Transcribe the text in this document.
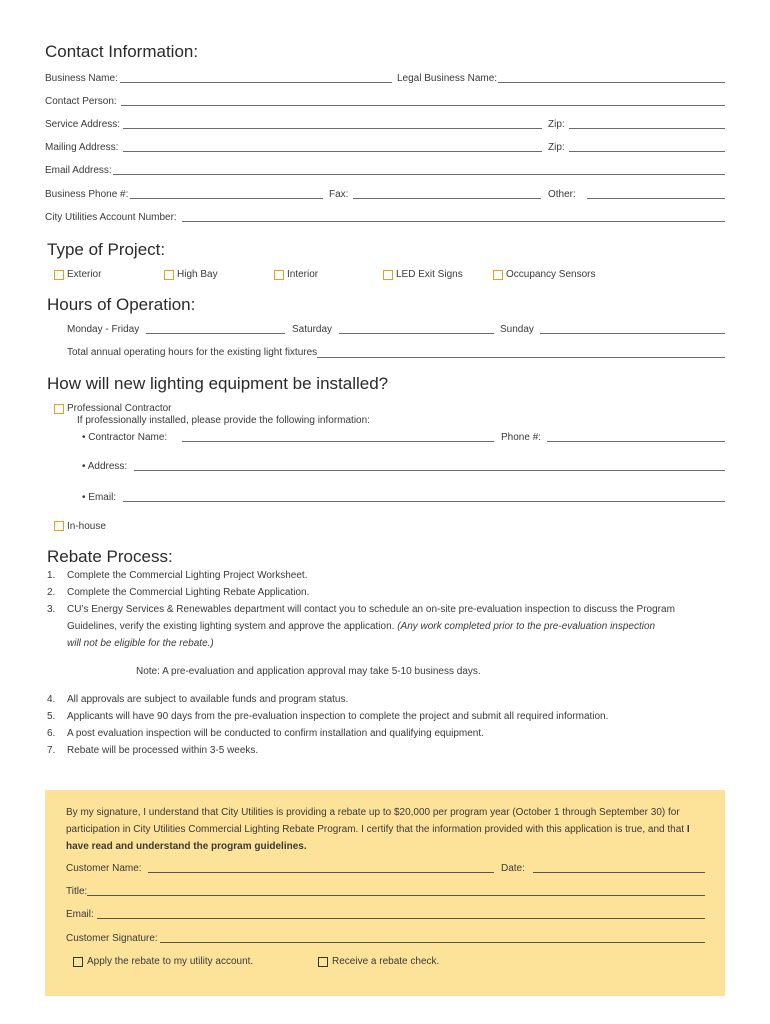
Contact Information:
Business Name:	Legal Business Name:
Contact Person:
Service Address:	Zip:
Mailing Address:	Zip:
Email Address:
Business Phone #:	Fax:	Other:
City Utilities Account Number:
Type of Project:
Exterior	High Bay	Interior	LED Exit Signs	Occupancy Sensors
Hours of Operation:
Monday - Friday	Saturday	Sunday
Total annual operating hours for the existing light fixtures
How will new lighting equipment be installed?
Professional Contractor
If professionally installed, please provide the following information:
• Contractor Name:	Phone #:
• Address:
• Email:
In-house
Rebate Process:
1. Complete the Commercial Lighting Project Worksheet.
2. Complete the Commercial Lighting Rebate Application.
3. CU’s Energy Services & Renewables department will contact you to schedule an on-site pre-evaluation inspection to discuss the Program
Guidelines, verify the existing lighting system and approve the application. (Any work completed prior to the pre-evaluation inspection
will not be eligible for the rebate.)
Note: A pre-evaluation and application approval may take 5-10 business days.
4. All approvals are subject to available funds and program status.
5. Applicants will have 90 days from the pre-evaluation inspection to complete the project and submit all required information.
6. A post evaluation inspection will be conducted to confirm installation and qualifying equipment.
7. Rebate will be processed within 3-5 weeks.
By my signature, I understand that City Utilities is providing a rebate up to $20,000 per program year (October 1 through September 30) for
participation in City Utilities Commercial Lighting Rebate Program. I certify that the information provided with this application is true, and that I
have read and understand the program guidelines.
Customer Name:	Date:
Title:
Email:
Customer Signature:
Apply the rebate to my utility account.	Receive a rebate check.
